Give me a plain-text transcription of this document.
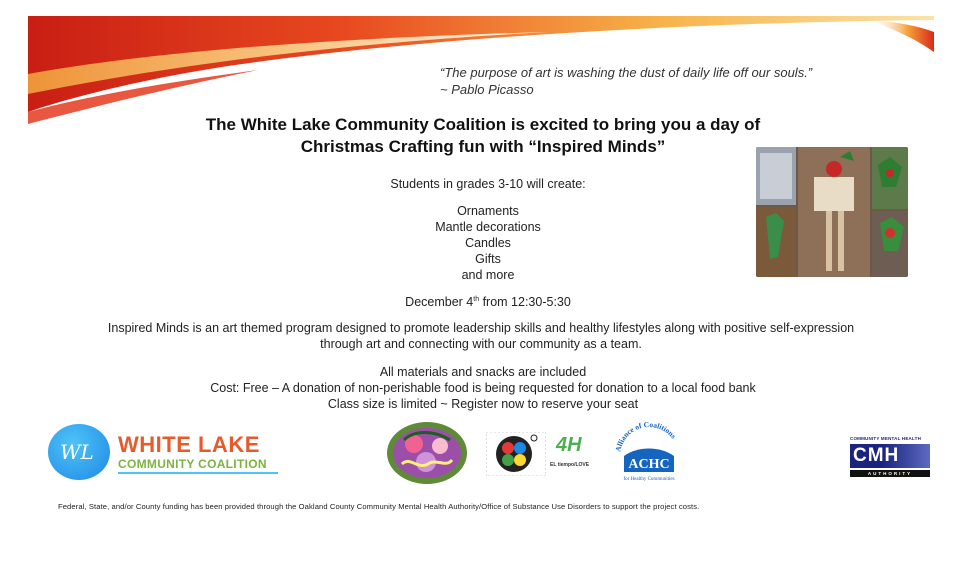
“The purpose of art is washing the dust of daily life off our souls.”
~ Pablo Picasso
The White Lake Community Coalition is excited to bring you a day of
Christmas Crafting fun with “Inspired Minds”
Students in grades 3-10 will create:
Ornaments
Mantle decorations
Candles
Gifts
and more
December 4th from 12:30-5:30
Inspired Minds is an art themed program designed to promote leadership skills and healthy lifestyles along with positive self-expression
through art and connecting with our community as a team.
All materials and snacks are included
Cost: Free – A donation of non-perishable food is being requested for donation to a local food bank
Class size is limited ~ Register now to reserve your seat
WL WHITE LAKE
COMMUNITY COALITION
4H
EL tiempo/LOVE
Alliance of Coalitions
ACHC
for Healthy Communities
COMMUNITY MENTAL HEALTH
CMH
AUTHORITY
Federal, State, and/or County funding has been provided through the Oakland County Community Mental Health Authority/Office of Substance Use Disorders to support the project costs.
